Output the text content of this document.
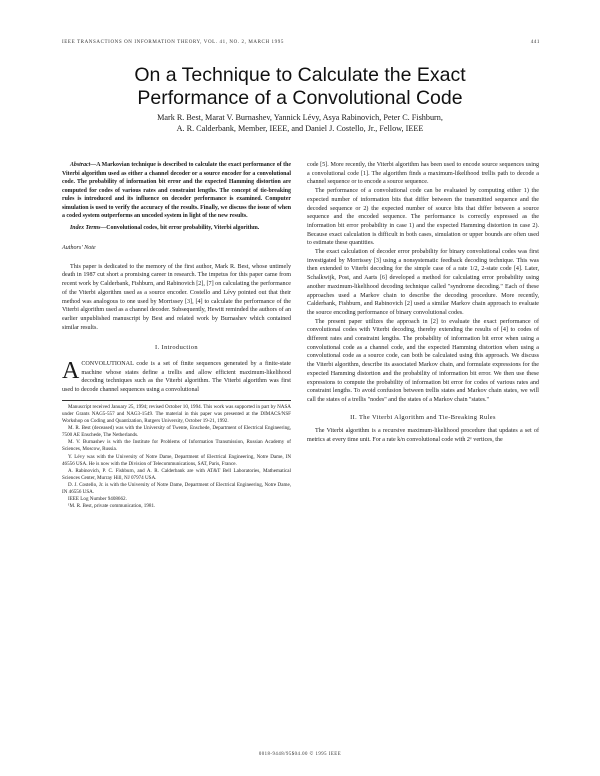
IEEE TRANSACTIONS ON INFORMATION THEORY, VOL. 41, NO. 2, MARCH 1995	441
On a Technique to Calculate the Exact
Performance of a Convolutional Code
Mark R. Best, Marat V. Burnashev, Yannick Lévy, Asya Rabinovich, Peter C. Fishburn,
A. R. Calderbank, Member, IEEE, and Daniel J. Costello, Jr., Fellow, IEEE

Abstract—A Markovian technique is described to calculate the exact performance of the Viterbi algorithm used as either a channel decoder or a source encoder for a convolutional code. The probability of information bit error and the expected Hamming distortion are computed for codes of various rates and constraint lengths. The concept of tie-breaking rules is introduced and its influence on decoder performance is examined. Computer simulation is used to verify the accuracy of the results. Finally, we discuss the issue of when a coded system outperforms an uncoded system in light of the new results.

Index Terms—Convolutional codes, bit error probability, Viterbi algorithm.

Authors' Note

This paper is dedicated to the memory of the first author, Mark R. Best, whose untimely death in 1987 cut short a promising career in research. The impetus for this paper came from recent work by Calderbank, Fishburn, and Rabinovich [2], [7] on calculating the performance of the Viterbi algorithm used as a source encoder. Costello and Lévy pointed out that their method was analogous to one used by Morrissey [3], [4] to calculate the performance of the Viterbi algorithm used as a channel decoder. Subsequently, Hewitt reminded the authors of an earlier unpublished manuscript by Best and related work by Burnashev which contained similar results.

I. Introduction

ACONVOLUTIONAL code is a set of finite sequences generated by a finite-state machine whose states define a trellis and allow efficient maximum-likelihood decoding techniques such as the Viterbi algorithm. The Viterbi algorithm was first used to decode channel sequences using a convolutional

Manuscript received January 25, 1994; revised October 10, 1994. This work was supported in part by NASA under Grants NAG5-557 and NAG3-1549. The material in this paper was presented at the DIMACS/NSF Workshop on Coding and Quantization, Rutgers University, October 19-21, 1992.

M. R. Best (deceased) was with the University of Twente, Enschede, Department of Electrical Engineering, 7500 AE Enschede, The Netherlands.

M. V. Burnashev is with the Institute for Problems of Information Transmission, Russian Academy of Sciences, Moscow, Russia.

Y. Lévy was with the University of Notre Dame, Department of Electrical Engineering, Notre Dame, IN 46556 USA. He is now with the Division of Telecommunications, SAT, Paris, France.

A. Rabinovich, P. C. Fishburn, and A. R. Calderbank are with AT&T Bell Laboratories, Mathematical Sciences Center, Murray Hill, NJ 07974 USA.

D. J. Costello, Jr. is with the University of Notre Dame, Department of Electrical Engineering, Notre Dame, IN 46556 USA.

IEEE Log Number 9408662.

¹M. R. Best, private communication, 1981.

code [5]. More recently, the Viterbi algorithm has been used to encode source sequences using a convolutional code [1]. The algorithm finds a maximum-likelihood trellis path to decode a channel sequence or to encode a source sequence.

The performance of a convolutional code can be evaluated by computing either 1) the expected number of information bits that differ between the transmitted sequence and the decoded sequence or 2) the expected number of source bits that differ between a source sequence and the encoded sequence. The performance is correctly expressed as the information bit error probability in case 1) and the expected Hamming distortion in case 2). Because exact calculation is difficult in both cases, simulation or upper bounds are often used to estimate these quantities.

The exact calculation of decoder error probability for binary convolutional codes was first investigated by Morrissey [3] using a nonsystematic feedback decoding technique. This was then extended to Viterbi decoding for the simple case of a rate 1/2, 2-state code [4]. Later, Schalkwijk, Post, and Aarts [6] developed a method for calculating error probability using another maximum-likelihood decoding technique called "syndrome decoding." Each of these approaches used a Markov chain to describe the decoding procedure. More recently, Calderbank, Fishburn, and Rabinovich [2] used a similar Markov chain approach to evaluate the source encoding performance of binary convolutional codes.

The present paper utilizes the approach in [2] to evaluate the exact performance of convolutional codes with Viterbi decoding, thereby extending the results of [4] to codes of different rates and constraint lengths. The probability of information bit error when using a convolutional code as a channel code, and the expected Hamming distortion when using a convolutional code as a source code, can both be calculated using this approach. We discuss the Viterbi algorithm, describe its associated Markov chain, and formulate expressions for the expected Hamming distortion and the probability of information bit error. We then use these expressions to compute the probability of information bit error for codes of various rates and constraint lengths. To avoid confusion between trellis states and Markov chain states, we will call the states of a trellis "nodes" and the states of a Markov chain "states."

II. The Viterbi Algorithm and Tie-Breaking Rules

The Viterbi algorithm is a recursive maximum-likelihood procedure that updates a set of metrics at every time unit. For a rate k/n convolutional code with 2ᵛ vertices, the

0018-9448/95$04.00 © 1995 IEEE
